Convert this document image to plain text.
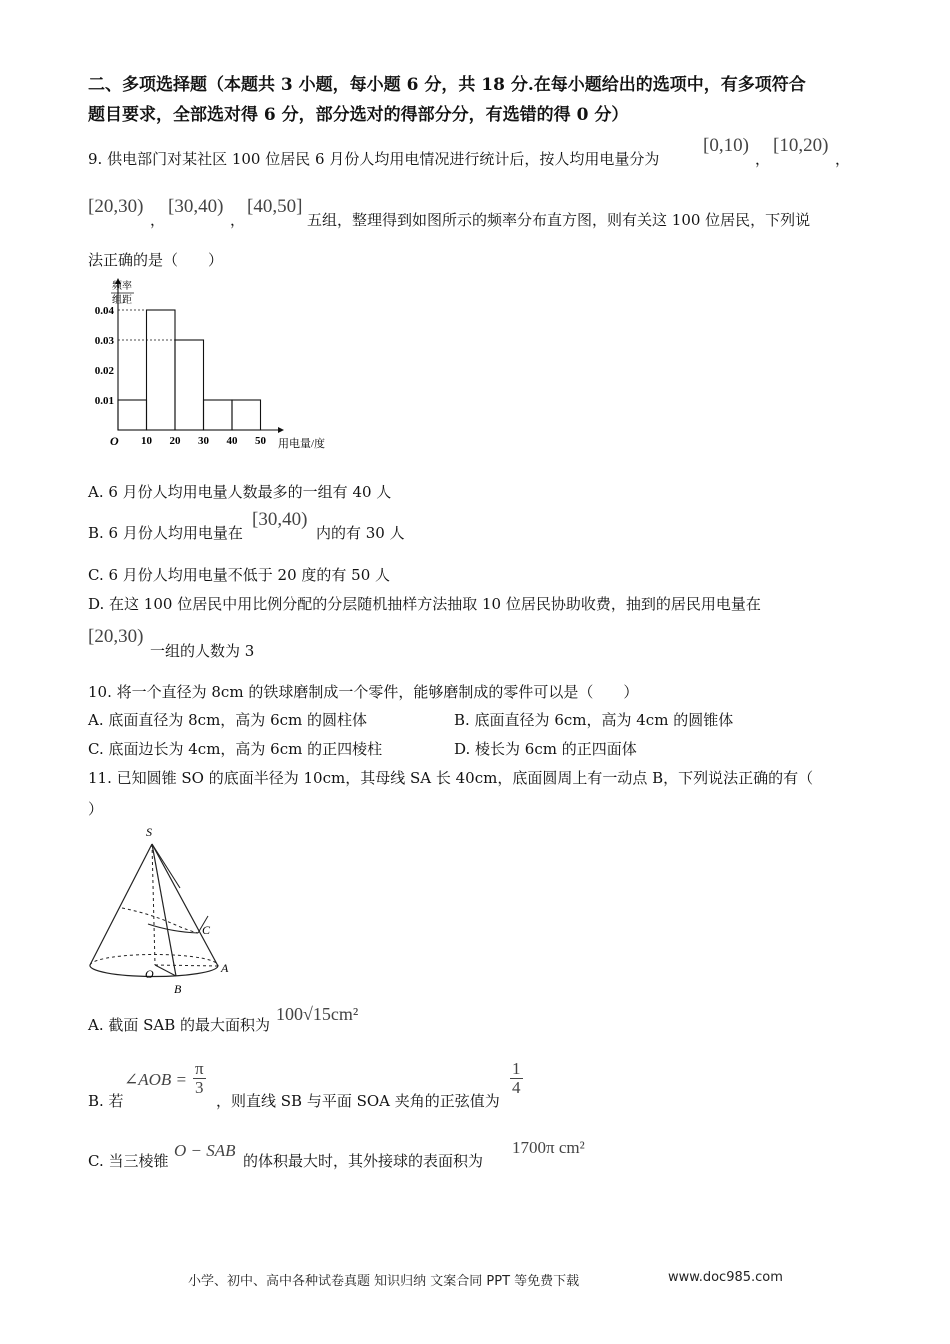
二、多项选择题（本题共 3 小题，每小题 6 分，共 18 分.在每小题给出的选项中，有多项符合
题目要求，全部选对得 6 分，部分选对的得部分分，有选错的得 0 分）
9. 供电部门对某社区 100 位居民 6 月份人均用电情况进行统计后，按人均用电量分为
[0,10)
，
[10,20)
，
[20,30)
，
[30,40)
，
[40,50]
五组，整理得到如图所示的频率分布直方图，则有关这 100 位居民，下列说
法正确的是（　　）
10 20 30 40 50
0.01
0.02
0.03
0.04
频率
组距
用电量/度
O
A. 6 月份人均用电量人数最多的一组有 40 人
B. 6 月份人均用电量在
[30,40)
内的有 30 人
C. 6 月份人均用电量不低于 20 度的有 50 人
D. 在这 100 位居民中用比例分配的分层随机抽样方法抽取 10 位居民协助收费，抽到的居民用电量在
[20,30)
一组的人数为 3
10. 将一个直径为 8cm 的铁球磨制成一个零件，能够磨制成的零件可以是（　　）
A. 底面直径为 8cm，高为 6cm 的圆柱体	B. 底面直径为 6cm，高为 4cm 的圆锥体
C. 底面边长为 4cm，高为 6cm 的正四棱柱	D. 棱长为 6cm 的正四面体
11. 已知圆锥 SO 的底面半径为 10cm，其母线 SA 长 40cm，底面圆周上有一动点 B，下列说法正确的有（
）
S
C
O	A
B
A. 截面 SAB 的最大面积为
100√15cm²
B. 若
∠AOB = $\frac{\pi}{3}$
，则直线 SB 与平面 SOA 夹角的正弦值为
$\frac{1}{4}$
C. 当三棱锥
O − SAB
的体积最大时，其外接球的表面积为
1700π cm²
小学、初中、高中各种试卷真题 知识归纳 文案合同 PPT 等免费下载	www.doc985.com
